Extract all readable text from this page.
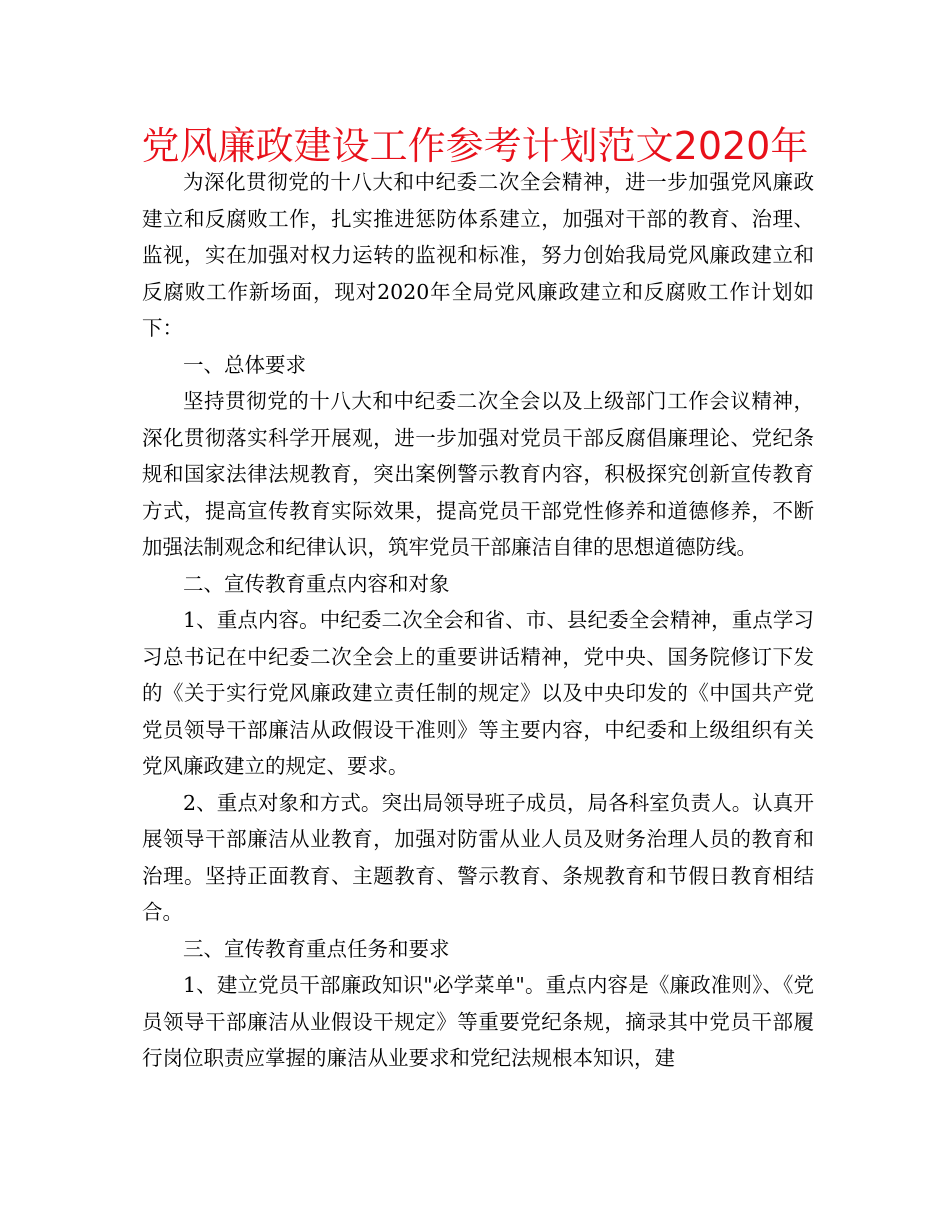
党风廉政建设工作参考计划范文2020年

为深化贯彻党的十八大和中纪委二次全会精神，进一步加强党风廉政建立和反腐败工作，扎实推进惩防体系建立，加强对干部的教育、治理、监视，实在加强对权力运转的监视和标准，努力创始我局党风廉政建立和反腐败工作新场面，现对2020年全局党风廉政建立和反腐败工作计划如下：

一、总体要求

坚持贯彻党的十八大和中纪委二次全会以及上级部门工作会议精神，深化贯彻落实科学开展观，进一步加强对党员干部反腐倡廉理论、党纪条规和国家法律法规教育，突出案例警示教育内容，积极探究创新宣传教育方式，提高宣传教育实际效果，提高党员干部党性修养和道德修养，不断加强法制观念和纪律认识，筑牢党员干部廉洁自律的思想道德防线。

二、宣传教育重点内容和对象

1、重点内容。中纪委二次全会和省、市、县纪委全会精神，重点学习习总书记在中纪委二次全会上的重要讲话精神，党中央、国务院修订下发的《关于实行党风廉政建立责任制的规定》以及中央印发的《中国共产党党员领导干部廉洁从政假设干准则》等主要内容，中纪委和上级组织有关党风廉政建立的规定、要求。

2、重点对象和方式。突出局领导班子成员，局各科室负责人。认真开展领导干部廉洁从业教育，加强对防雷从业人员及财务治理人员的教育和治理。坚持正面教育、主题教育、警示教育、条规教育和节假日教育相结合。

三、宣传教育重点任务和要求

1、建立党员干部廉政知识"必学菜单"。重点内容是《廉政准则》、《党员领导干部廉洁从业假设干规定》等重要党纪条规，摘录其中党员干部履行岗位职责应掌握的廉洁从业要求和党纪法规根本知识，建
